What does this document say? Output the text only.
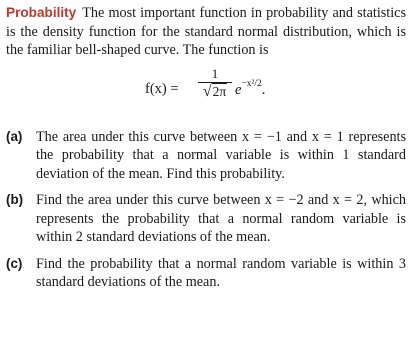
Probability The most important function in probability and statistics is the density function for the standard normal distribution, which is the familiar bell-shaped curve. The function is

f(x) =
1
√2π $e^{-x^2/2}$.
(a) The area under this curve between x = −1 and x = 1 represents the probability that a normal variable is within 1 standard deviation of the mean. Find this probability.
(b) Find the area under this curve between x = −2 and x = 2, which represents the probability that a normal random variable is within 2 standard deviations of the mean.
(c) Find the probability that a normal random variable is within 3 standard deviations of the mean.
